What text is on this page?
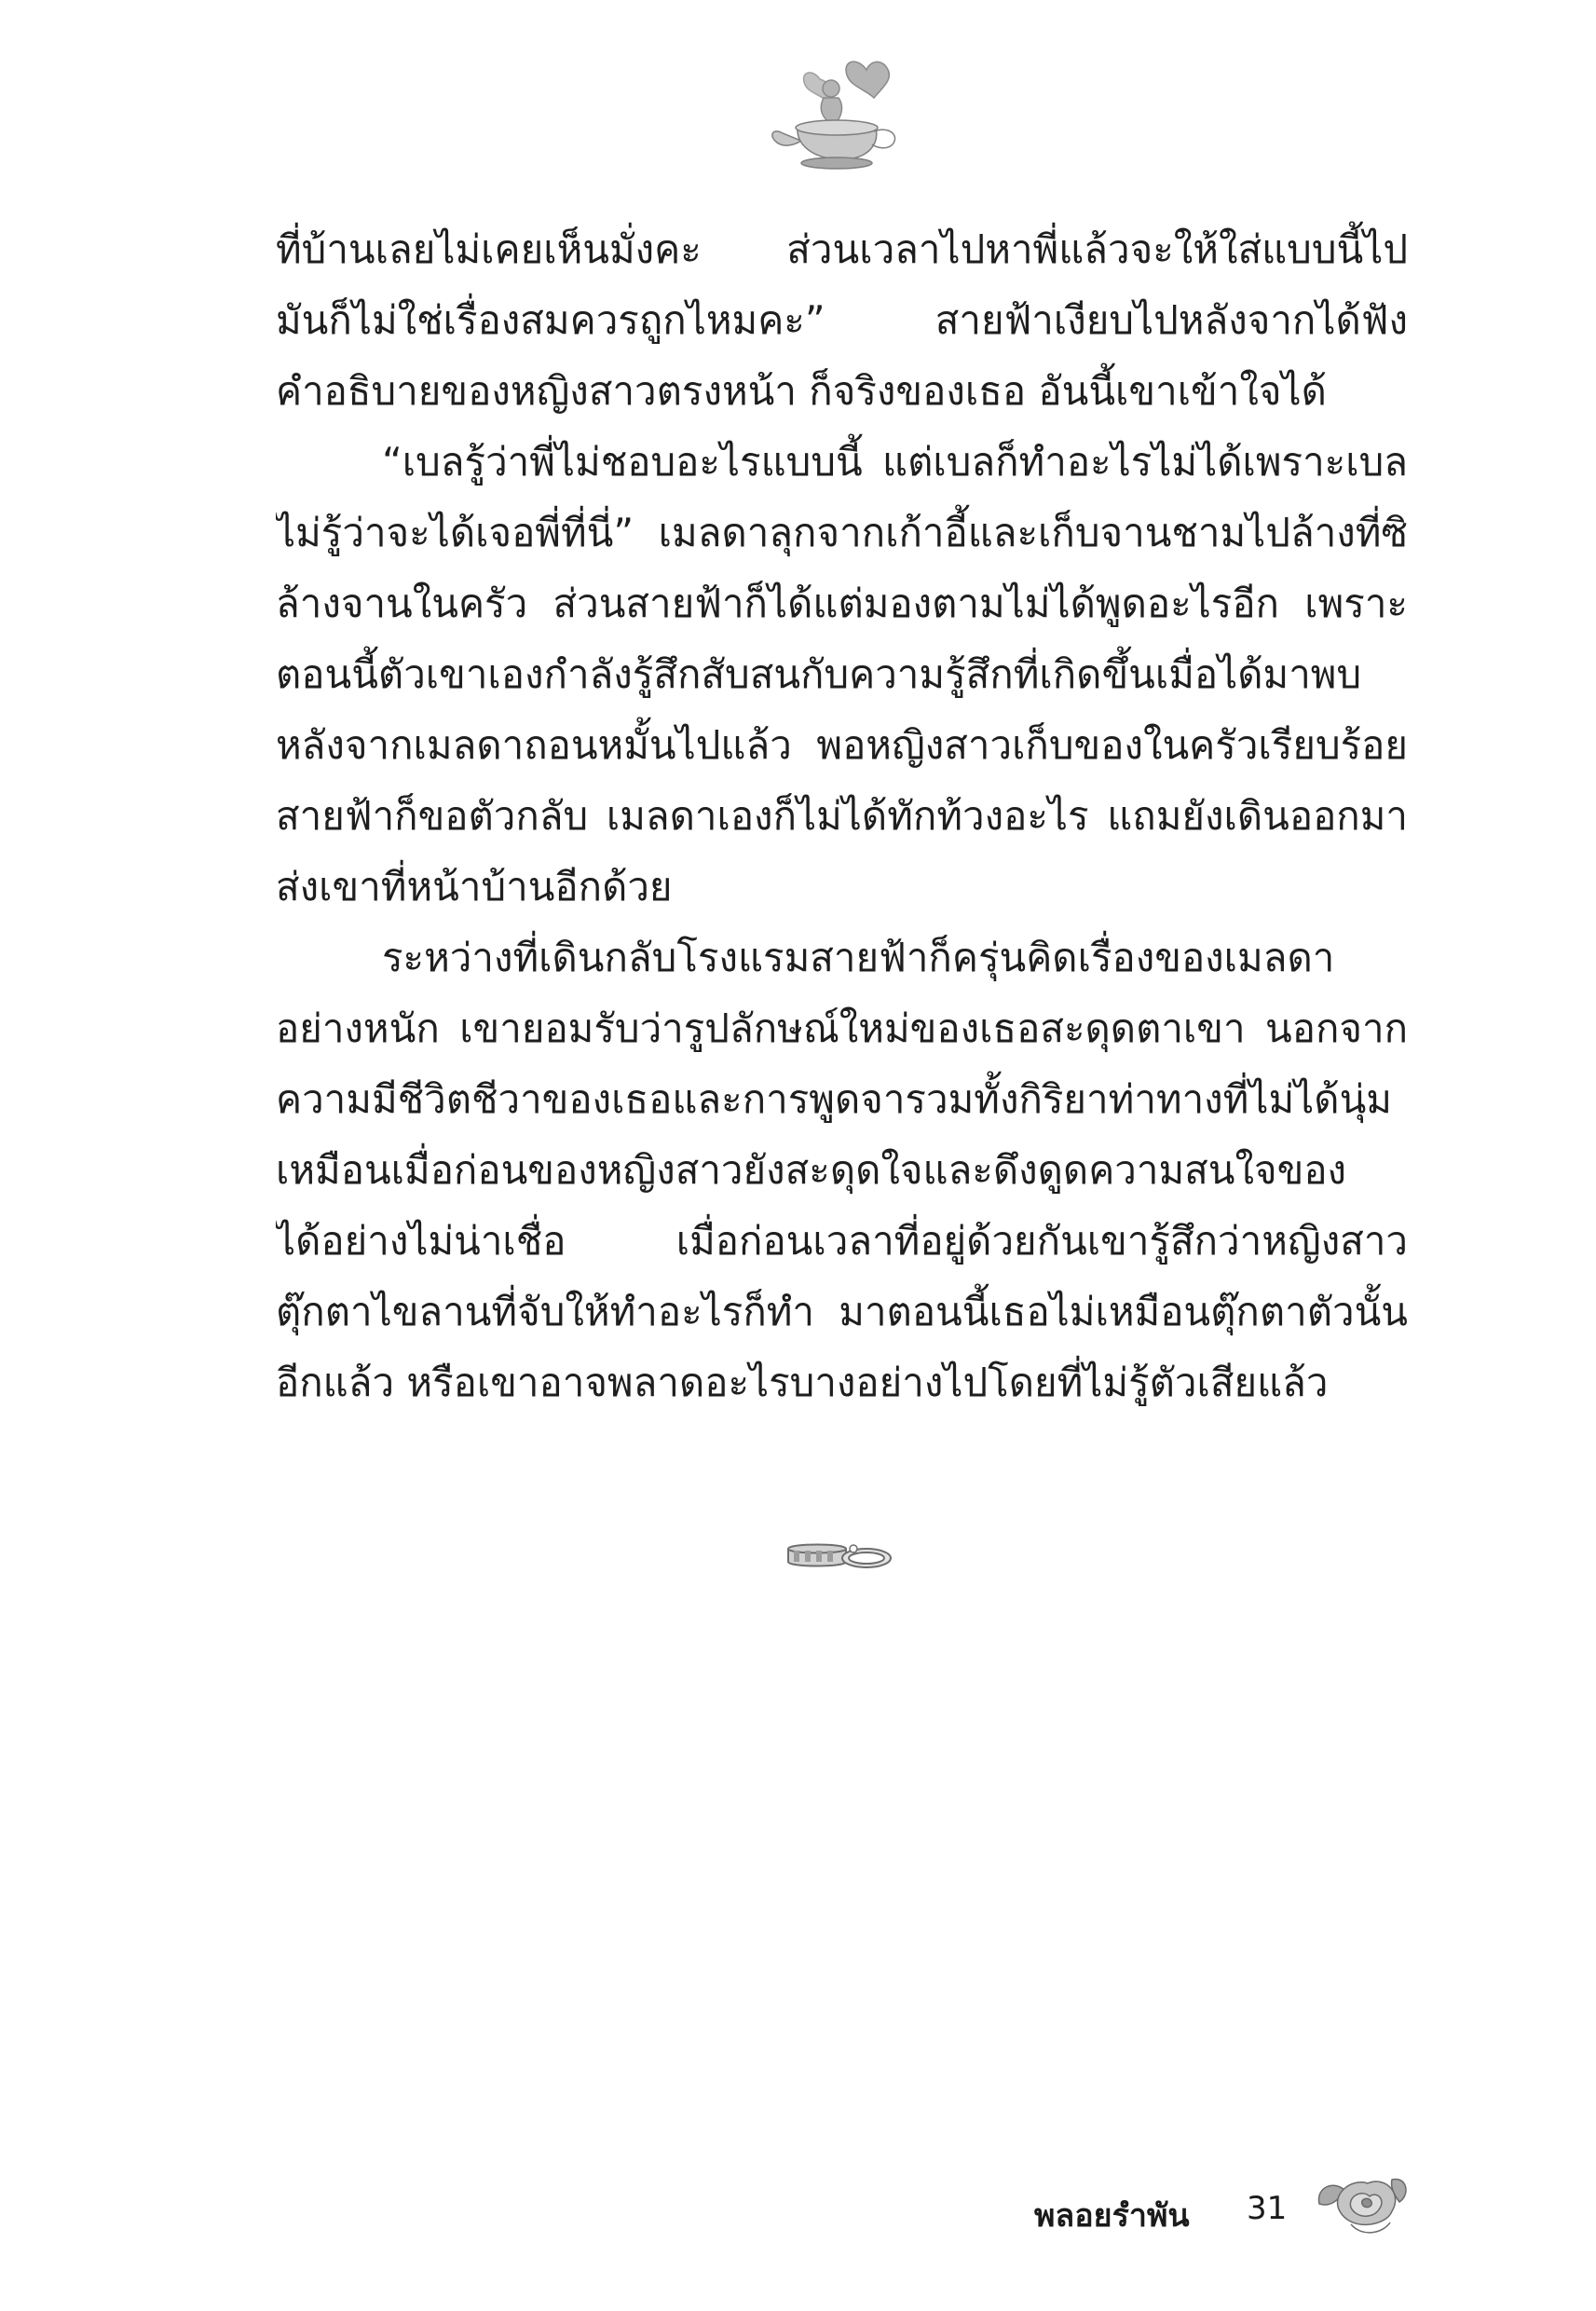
ที่บ้านเลยไม่เคยเห็นมั่งคะ ส่วนเวลาไปหาพี่แล้วจะให้ใส่แบบนี้ไป
มันก็ไม่ใช่เรื่องสมควรถูกไหมคะ” สายฟ้าเงียบไปหลังจากได้ฟัง
คำอธิบายของหญิงสาวตรงหน้า ก็จริงของเธอ อันนี้เขาเข้าใจได้
“เบลรู้ว่าพี่ไม่ชอบอะไรแบบนี้ แต่เบลก็ทำอะไรไม่ได้เพราะเบล
ไม่รู้ว่าจะได้เจอพี่ที่นี่” เมลดาลุกจากเก้าอี้และเก็บจานชามไปล้างที่ซิ
ล้างจานในครัว ส่วนสายฟ้าก็ได้แต่มองตามไม่ได้พูดอะไรอีก เพราะ
ตอนนี้ตัวเขาเองกำลังรู้สึกสับสนกับความรู้สึกที่เกิดขึ้นเมื่อได้มาพบ
หลังจากเมลดาถอนหมั้นไปแล้ว พอหญิงสาวเก็บของในครัวเรียบร้อย
สายฟ้าก็ขอตัวกลับ เมลดาเองก็ไม่ได้ทักท้วงอะไร แถมยังเดินออกมา
ส่งเขาที่หน้าบ้านอีกด้วย
ระหว่างที่เดินกลับโรงแรมสายฟ้าก็ครุ่นคิดเรื่องของเมลดา
อย่างหนัก เขายอมรับว่ารูปลักษณ์ใหม่ของเธอสะดุดตาเขา นอกจาก
ความมีชีวิตชีวาของเธอและการพูดจารวมทั้งกิริยาท่าทางที่ไม่ได้นุ่ม
เหมือนเมื่อก่อนของหญิงสาวยังสะดุดใจและดึงดูดความสนใจของ
ได้อย่างไม่น่าเชื่อ เมื่อก่อนเวลาที่อยู่ด้วยกันเขารู้สึกว่าหญิงสาว
ตุ๊กตาไขลานที่จับให้ทำอะไรก็ทำ มาตอนนี้เธอไม่เหมือนตุ๊กตาตัวนั้น
อีกแล้ว หรือเขาอาจพลาดอะไรบางอย่างไปโดยที่ไม่รู้ตัวเสียแล้ว
พลอยรำพัน 31
